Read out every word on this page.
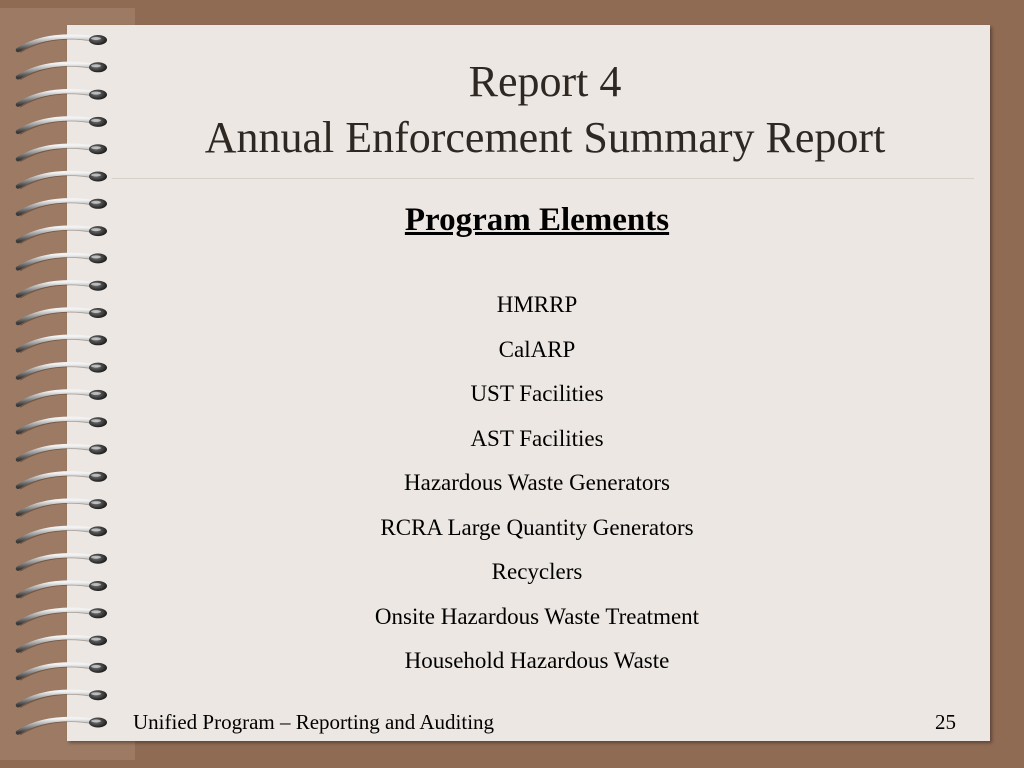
Report 4
Annual Enforcement Summary Report
Program Elements
HMRRP
CalARP
UST Facilities
AST Facilities
Hazardous Waste Generators
RCRA Large Quantity Generators
Recyclers
Onsite Hazardous Waste Treatment
Household Hazardous Waste
Unified Program – Reporting and Auditing	25
